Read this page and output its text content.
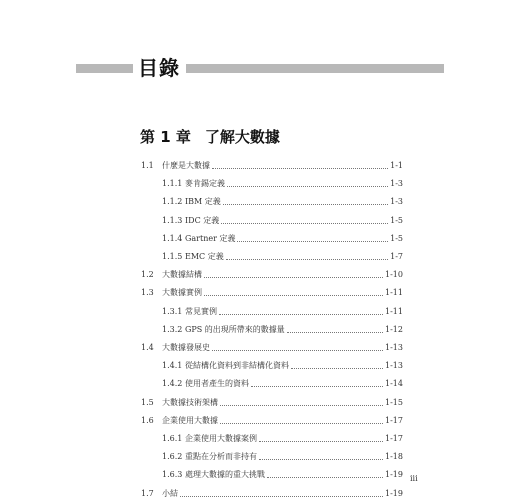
目錄
第 1 章 了解大數據
1.1 什麼是大數據	1-1
1.1.1 麥肯錫定義	1-3
1.1.2 IBM 定義	1-3
1.1.3 IDC 定義	1-5
1.1.4 Gartner 定義	1-5
1.1.5 EMC 定義	1-7
1.2 大數據結構	1-10
1.3 大數據實例	1-11
1.3.1 常見實例	1-11
1.3.2 GPS 的出現所帶來的數據量	1-12
1.4 大數據發展史	1-13
1.4.1 從結構化資料到非結構化資料	1-13
1.4.2 使用者產生的資料	1-14
1.5 大數據技術架構	1-15
1.6 企業使用大數據	1-17
1.6.1 企業使用大數據案例	1-17
1.6.2 重點在分析而非持有	1-18
1.6.3 處理大數據的重大挑戰	1-19
1.7 小結	1-19
iii
